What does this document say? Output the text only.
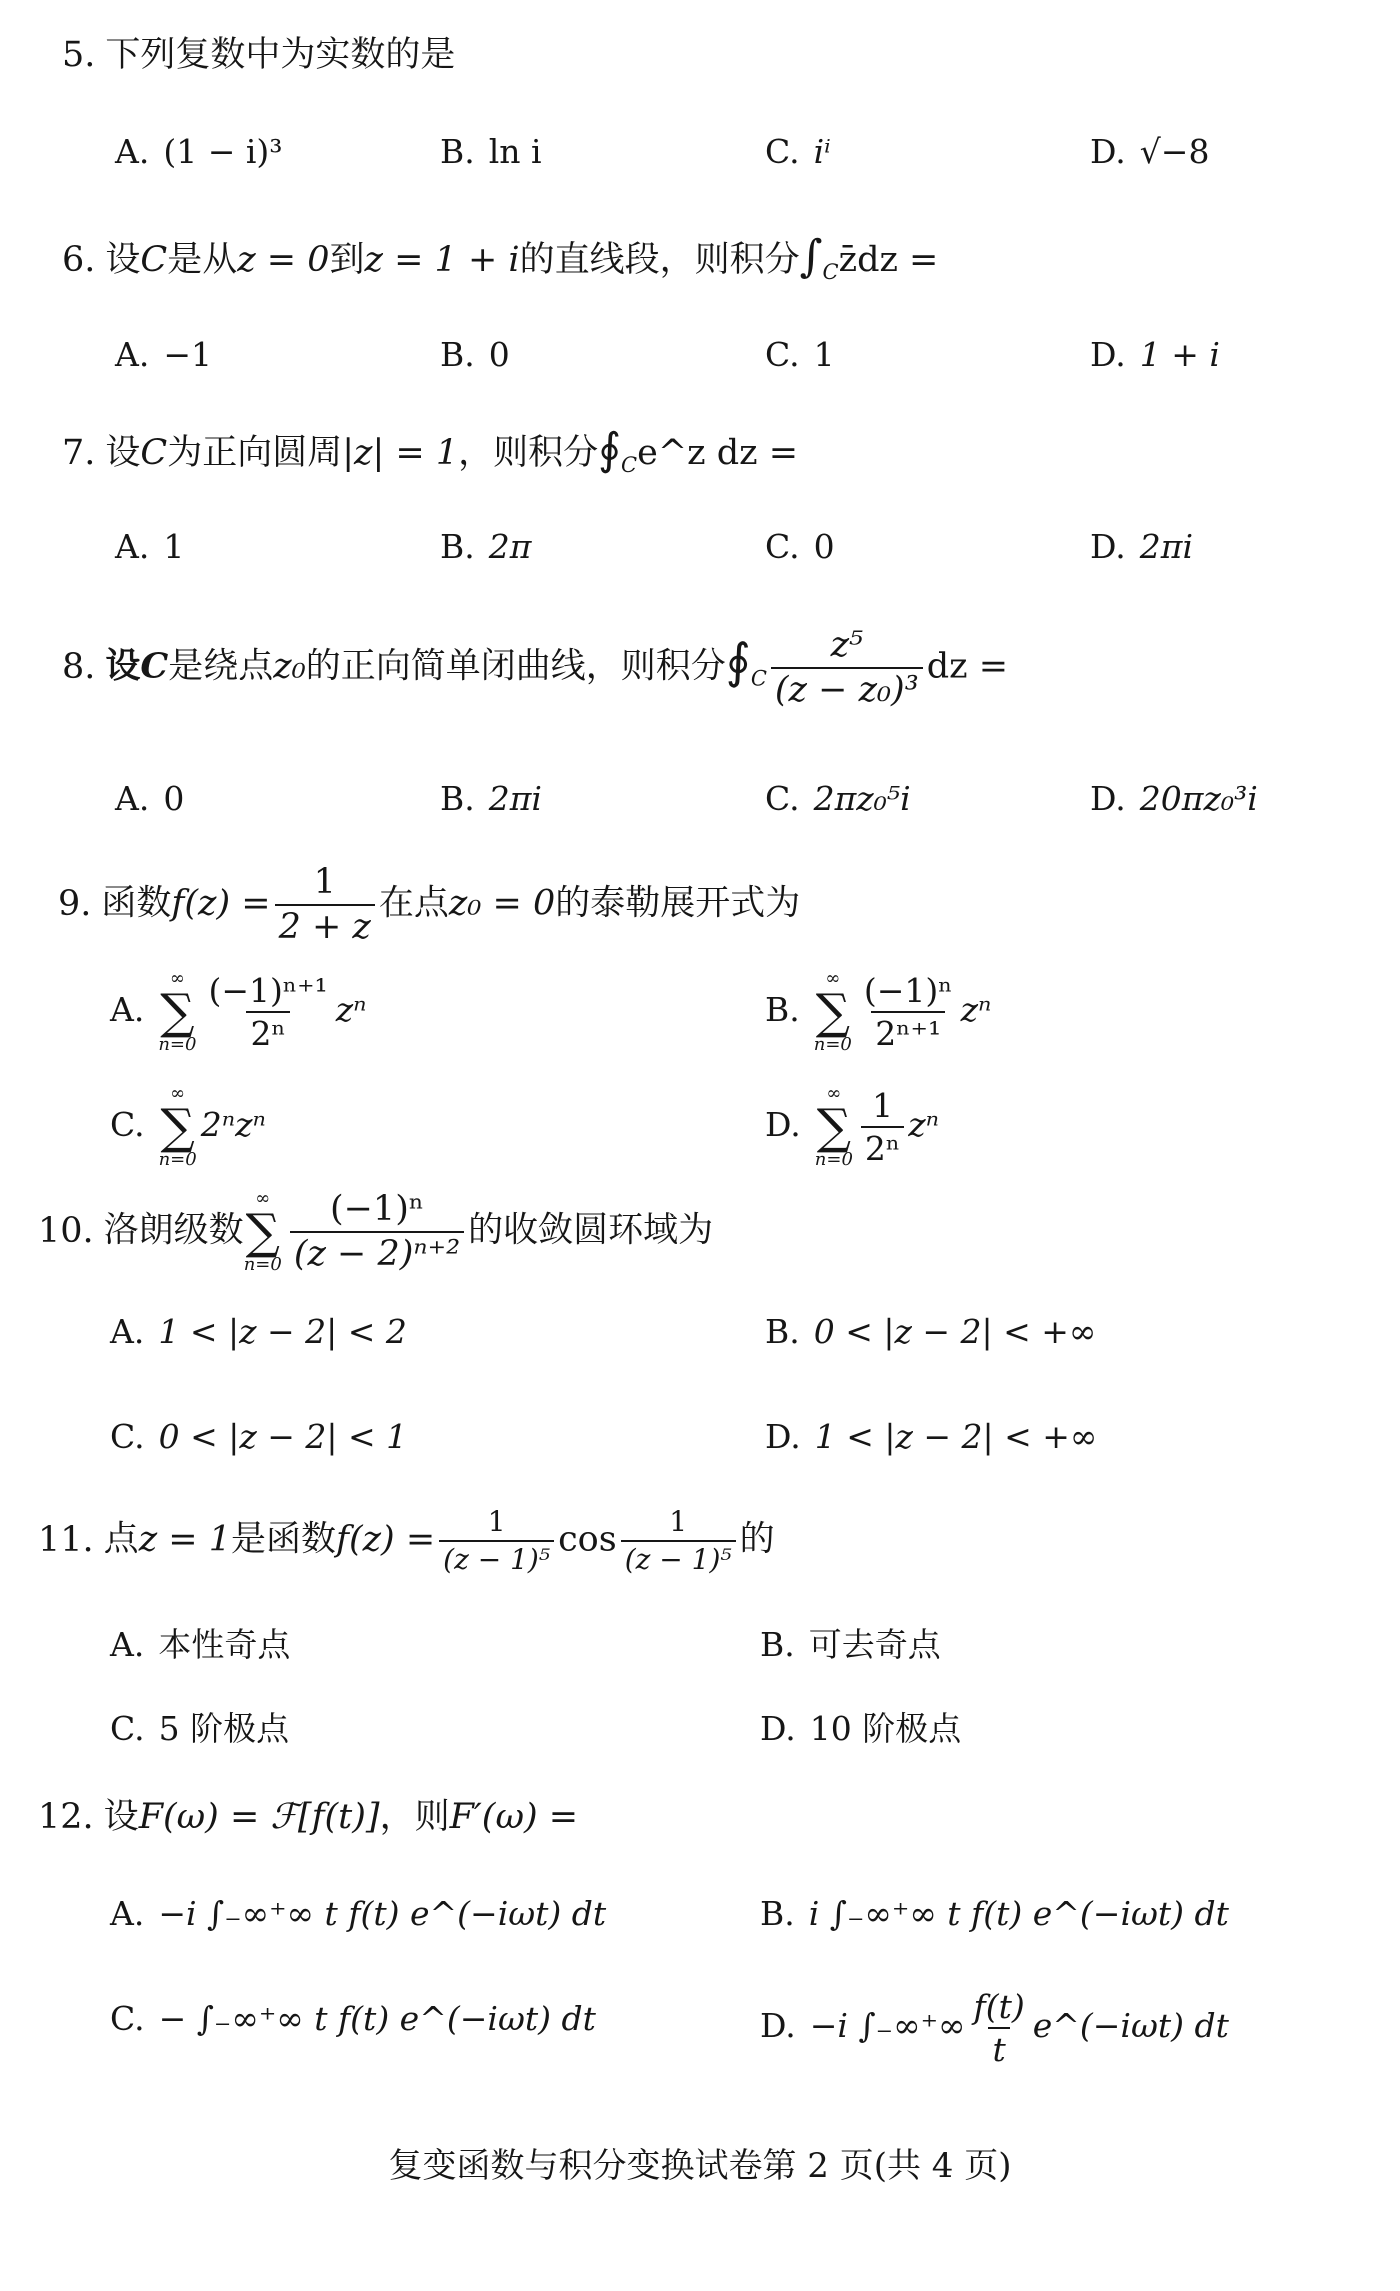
5. 下列复数中为实数的是
A. (1 − i)³	B. ln i	C. iⁱ	D. √−8
6. 设C是从z = 0到z = 1 + i的直线段，则积分$\int_Cz̄dz$ =
A. −1	B. 0	C. 1	D. 1 + i
7. 设C为正向圆周|z| = 1，则积分$∮_Ce\^{}z$ dz =
A. 1	B. 2π	C. 0	D. 2πi
8. 设C是绕点z₀的正向简单闭曲线，则积分$∮_C \frac{\text{z⁵}}{\text{(z − z₀)³}}$ dz =
A. 0	B. 2πi	C. 2πz₀⁵i	D. 20πz₀³i
9. 函数$f(z) = \frac{1}{2 + z}$ 在点z₀ = 0的泰勒展开式为
A.
∞
∑
$n=0 \frac{\text{(−1)ⁿ⁺¹}}{\text{2ⁿ}}$ zⁿ	B.
∞
∑
$n=0 \frac{\text{(−1)ⁿ}}{\text{2ⁿ⁺¹}}$ zⁿ
C.
∞
∑
n=0
2ⁿzⁿ	D.
∞
∑
$n=0 \frac{1}{\text{2ⁿ}}$ zⁿ
10. 洛朗级数
∞
∑
$n=0 \frac{\text{(−1)ⁿ}}{\text{(z − 2)ⁿ⁺²}}$ 的收敛圆环域为
A. 1 < |z − 2| < 2	B. 0 < |z − 2| < +∞
C. 0 < |z − 2| < 1	D. 1 < |z − 2| < +∞
11. 点z = 1是函数$f(z) = \frac{1}{\text{(z − 1)⁵}}$ $\cos \frac{1}{\text{(z − 1)⁵}}$ 的
A. 本性奇点	B. 可去奇点
C. 5 阶极点	D. 10 阶极点
12. 设F(ω) = ℱ[f(t)]，则F′(ω) =
A. −i ∫₋∞⁺∞ t f(t) e^(−iωt) dt	B. i ∫₋∞⁺∞ t f(t) e^(−iωt) dt
C. − ∫₋∞⁺∞ t f(t) e^(−iωt) dt	D. −i ∫₋∞⁺∞ $\frac{f(t)}{t}$ e^(−iωt) dt
复变函数与积分变换试卷第 2 页(共 4 页)
